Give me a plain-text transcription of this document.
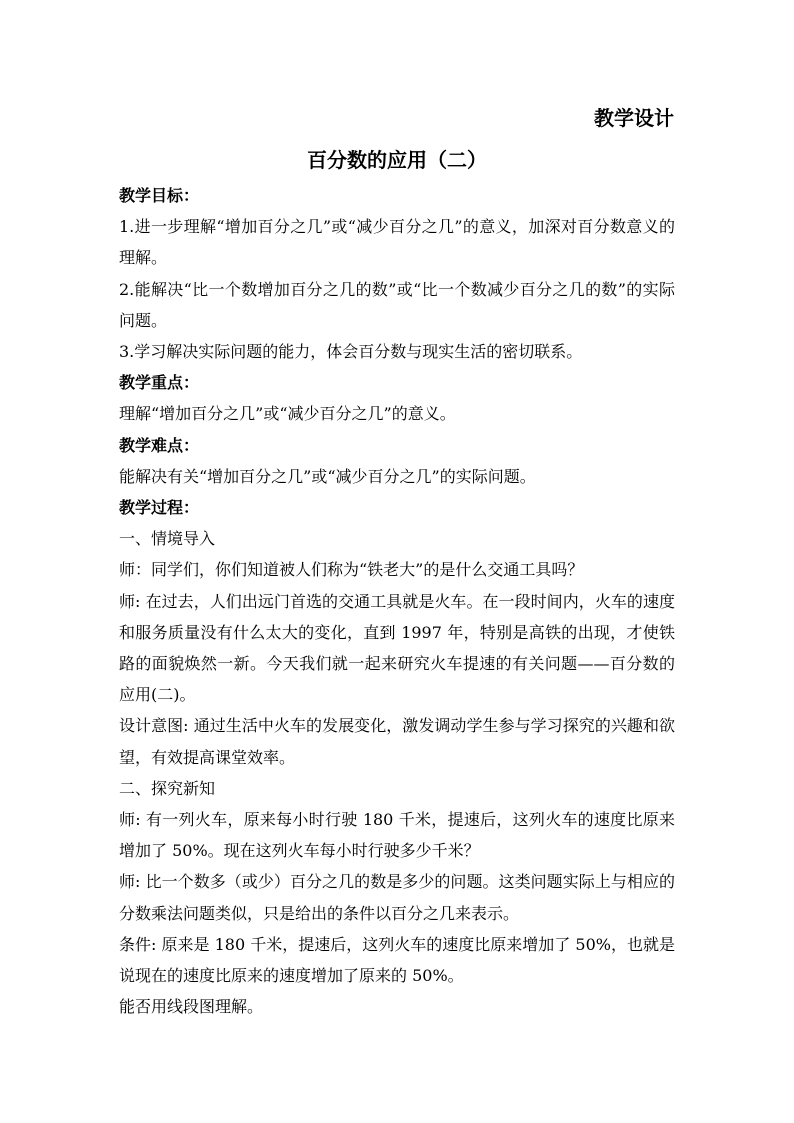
教学设计
百分数的应用（二）

教学目标：

1.进一步理解“增加百分之几”或“减少百分之几”的意义，加深对百分数意义的理解。

2.能解决“比一个数增加百分之几的数”或“比一个数减少百分之几的数”的实际问题。

3.学习解决实际问题的能力，体会百分数与现实生活的密切联系。

教学重点：

理解“增加百分之几”或“减少百分之几”的意义。

教学难点：

能解决有关“增加百分之几”或“减少百分之几”的实际问题。

教学过程：

一、情境导入

师：同学们，你们知道被人们称为“铁老大”的是什么交通工具吗？

师: 在过去，人们出远门首选的交通工具就是火车。在一段时间内，火车的速度和服务质量没有什么太大的变化，直到 1997 年，特别是高铁的出现，才使铁路的面貌焕然一新。今天我们就一起来研究火车提速的有关问题——百分数的应用(二)。

设计意图: 通过生活中火车的发展变化，激发调动学生参与学习探究的兴趣和欲望，有效提高课堂效率。

二、探究新知

师: 有一列火车，原来每小时行驶 180 千米，提速后，这列火车的速度比原来增加了 50%。现在这列火车每小时行驶多少千米？

师: 比一个数多（或少）百分之几的数是多少的问题。这类问题实际上与相应的分数乘法问题类似，只是给出的条件以百分之几来表示。

条件: 原来是 180 千米，提速后，这列火车的速度比原来增加了 50%，也就是说现在的速度比原来的速度增加了原来的 50%。

能否用线段图理解。
